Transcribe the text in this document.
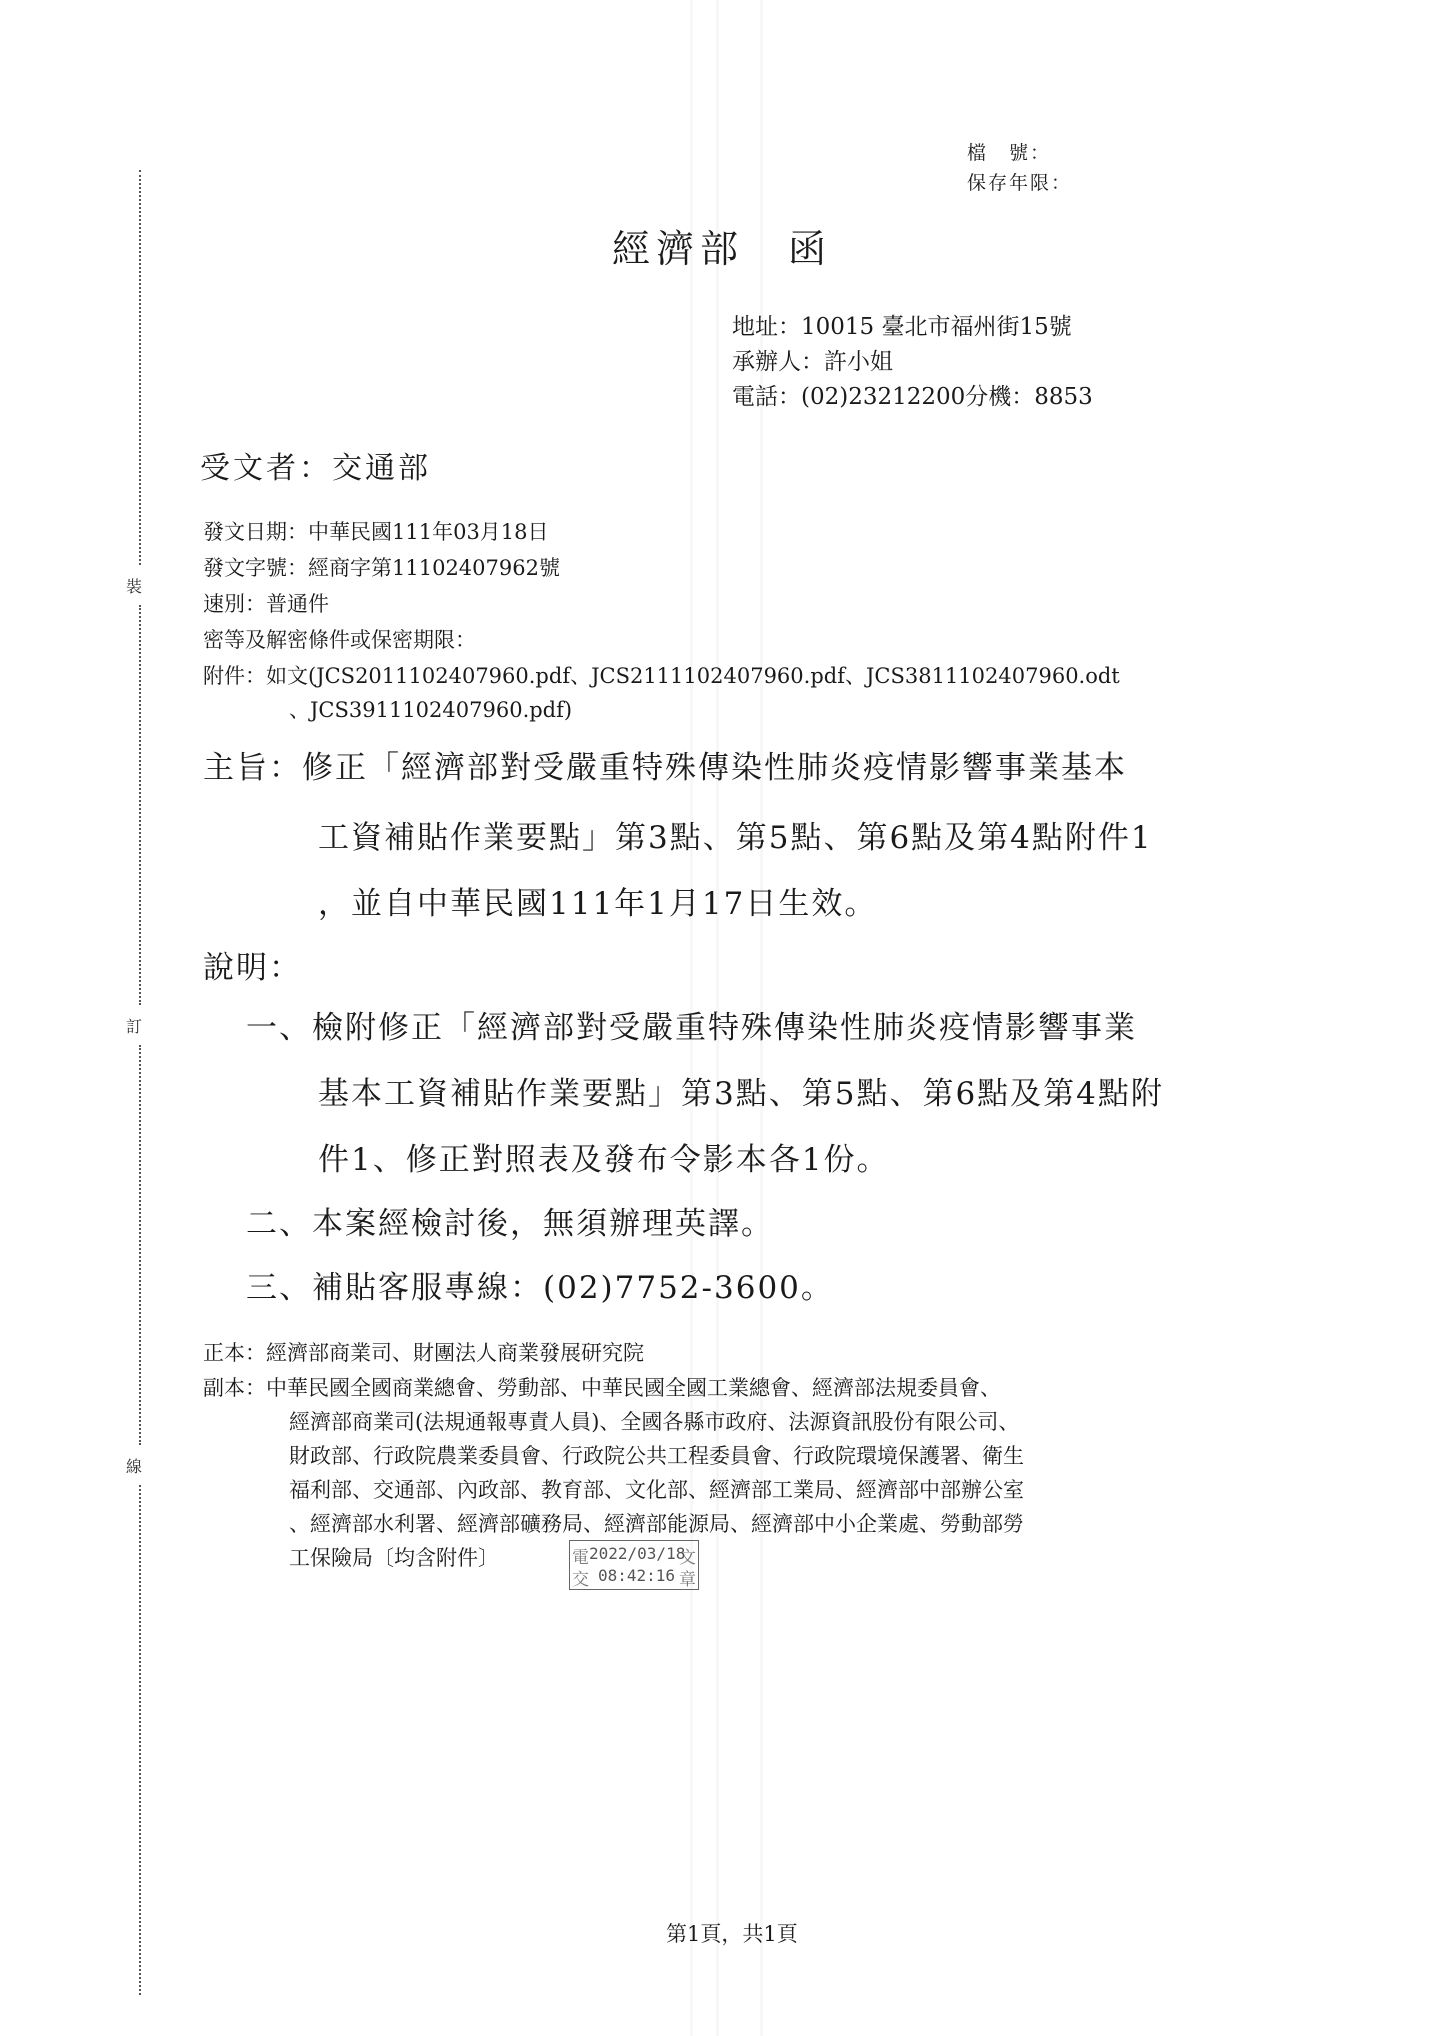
裝
訂
線
檔　號：
保存年限：
經濟部　函
地址：10015 臺北市福州街15號
承辦人：許小姐
電話：(02)23212200分機：8853
受文者：交通部
發文日期：中華民國111年03月18日
發文字號：經商字第11102407962號
速別：普通件
密等及解密條件或保密期限：
附件：如文(JCS2011102407960.pdf、JCS2111102407960.pdf、JCS3811102407960.odt
、JCS3911102407960.pdf)
主旨：修正「經濟部對受嚴重特殊傳染性肺炎疫情影響事業基本
工資補貼作業要點」第3點、第5點、第6點及第4點附件1
，並自中華民國111年1月17日生效。
說明：
一、檢附修正「經濟部對受嚴重特殊傳染性肺炎疫情影響事業
基本工資補貼作業要點」第3點、第5點、第6點及第4點附
件1、修正對照表及發布令影本各1份。
二、本案經檢討後，無須辦理英譯。
三、補貼客服專線：(02)7752-3600。
正本：經濟部商業司、財團法人商業發展研究院
副本：中華民國全國商業總會、勞動部、中華民國全國工業總會、經濟部法規委員會、
經濟部商業司(法規通報專責人員)、全國各縣市政府、法源資訊股份有限公司、
財政部、行政院農業委員會、行政院公共工程委員會、行政院環境保護署、衛生
福利部、交通部、內政部、教育部、文化部、經濟部工業局、經濟部中部辦公室
、經濟部水利署、經濟部礦務局、經濟部能源局、經濟部中小企業處、勞動部勞
工保險局〔均含附件〕	電
交
文
章
2022/03/18
08:42:16
第1頁，共1頁
